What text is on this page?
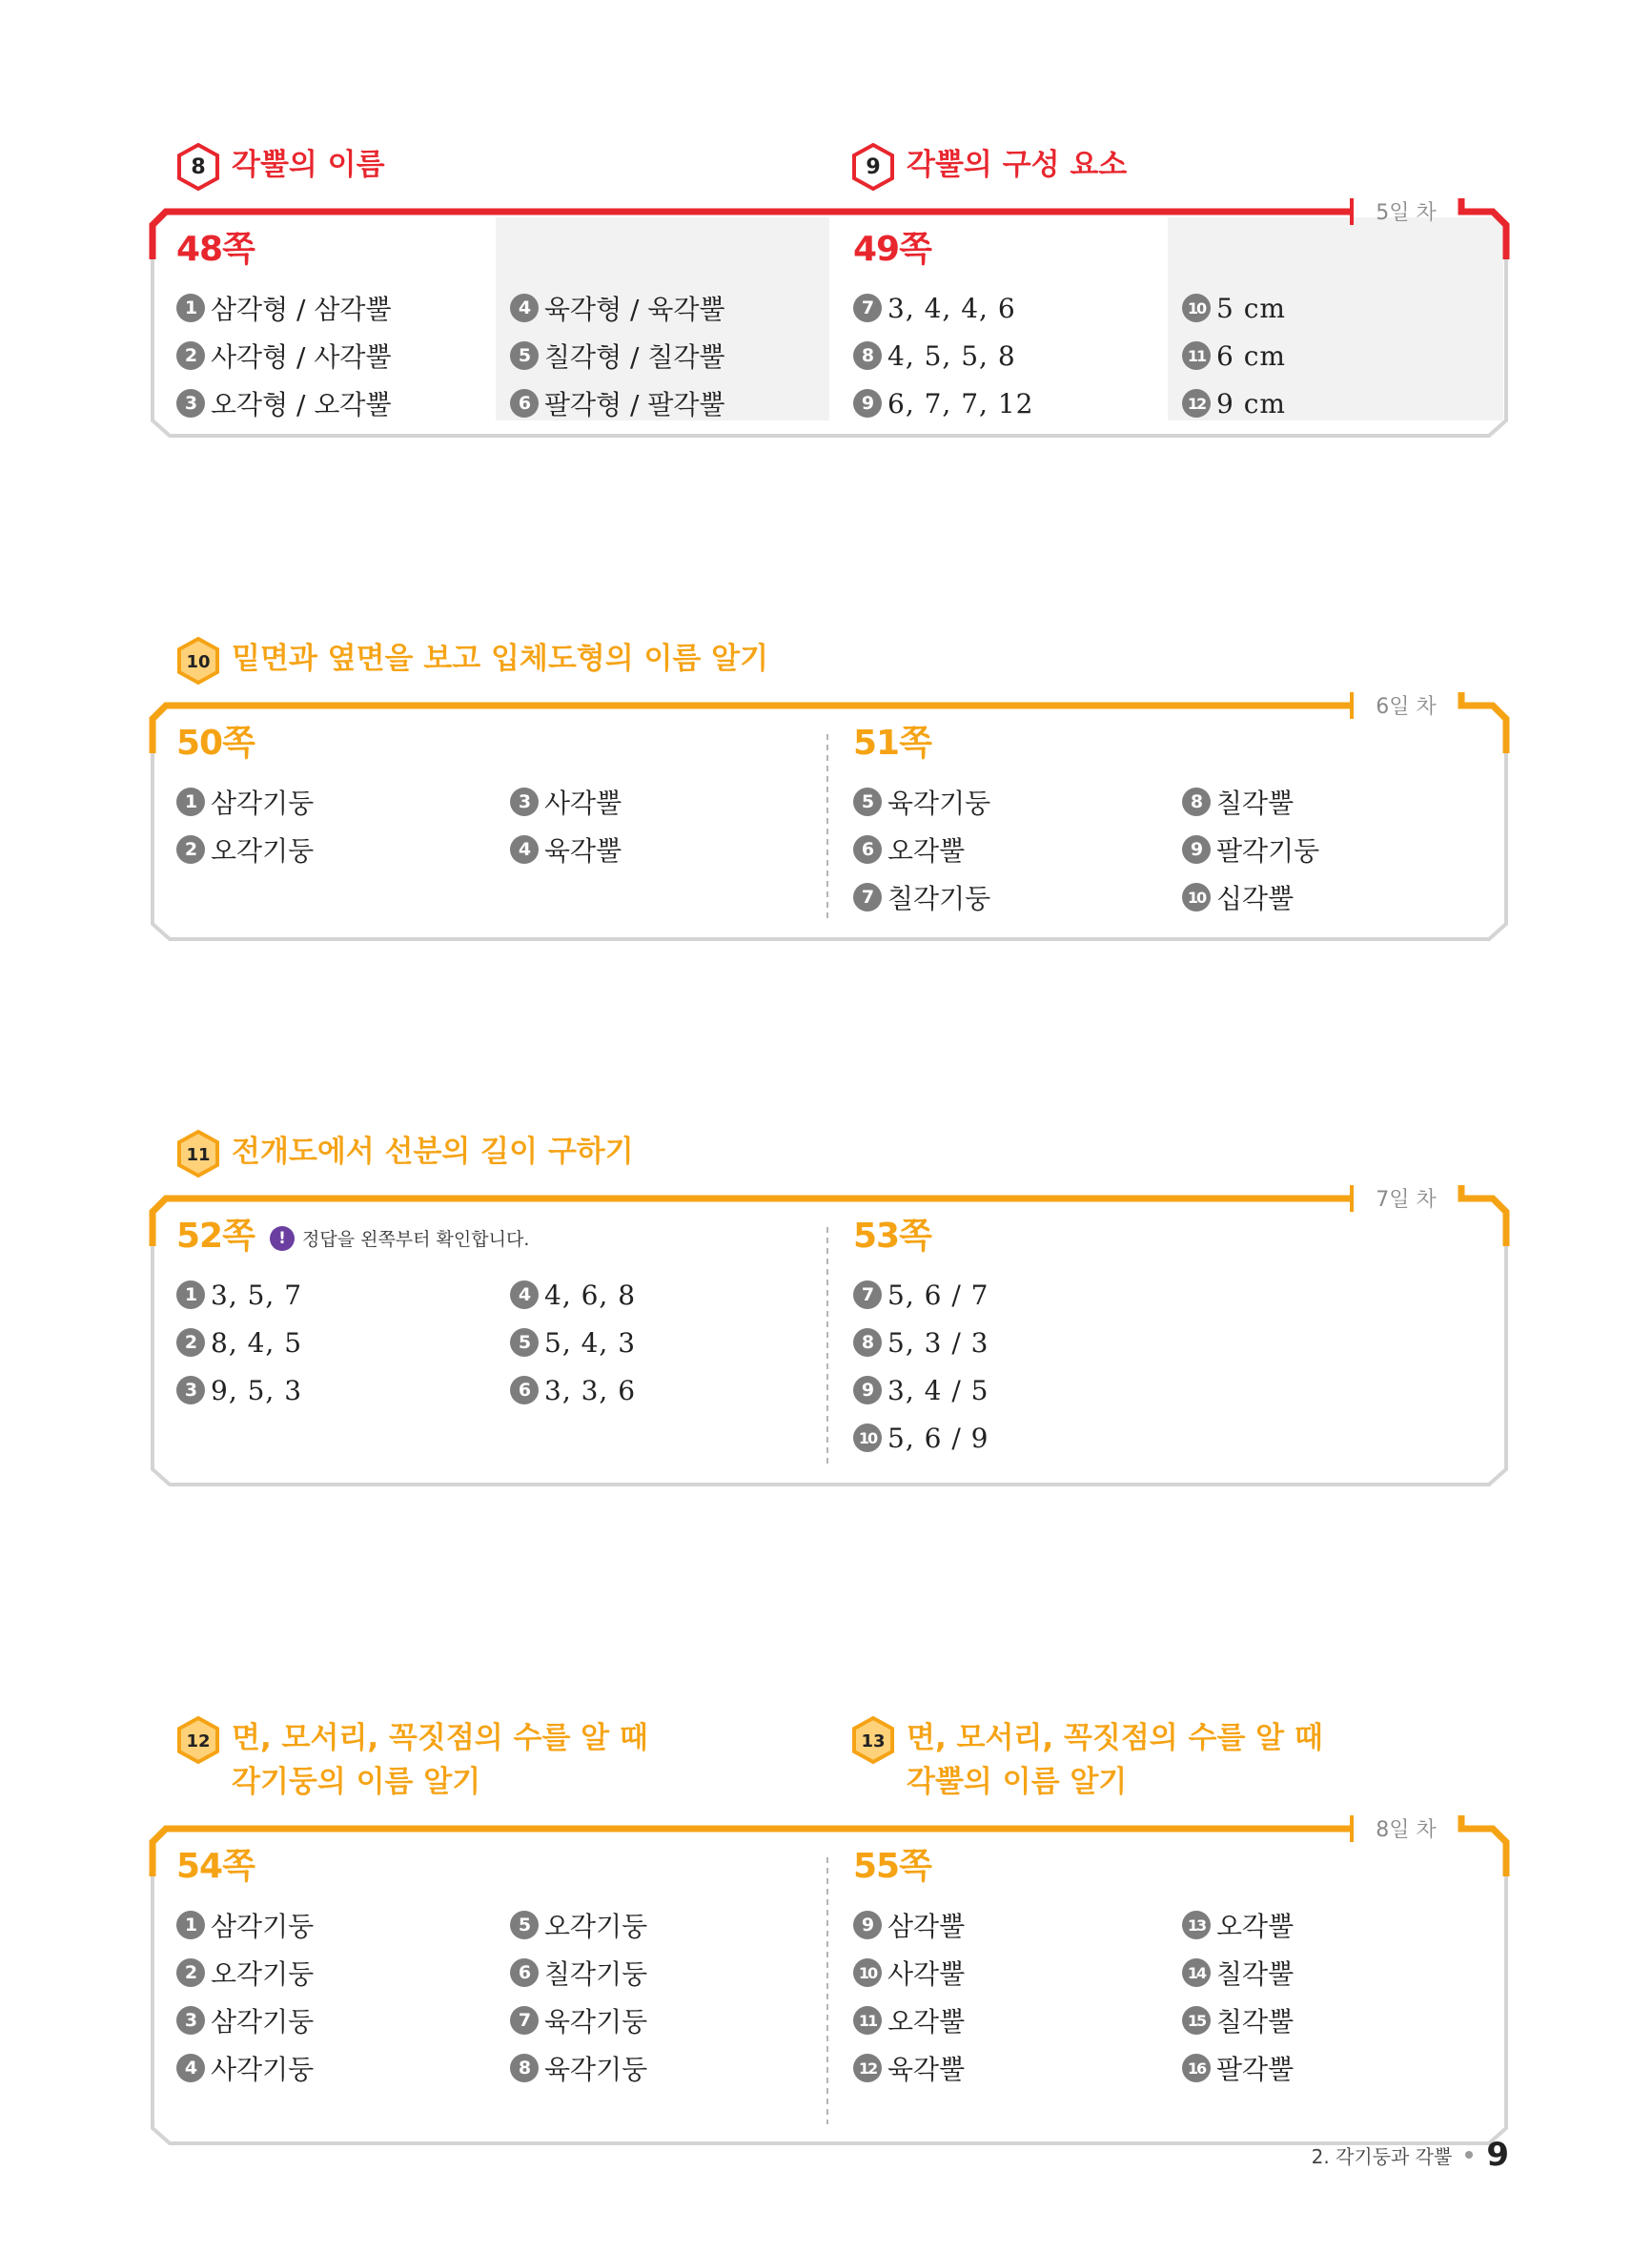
5일 차
8 각뿔의 이름	9 각뿔의 구성 요소
48쪽
1 삼각형 / 삼각뿔
2 사각형 / 사각뿔
3 오각형 / 오각뿔

4 육각형 / 육각뿔
5 칠각형 / 칠각뿔
6 팔각형 / 팔각뿔
49쪽
7 3, 4, 4, 6
8 4, 5, 5, 8
9 6, 7, 7, 12

10 5 cm
11 6 cm
12 9 cm
6일 차
10 밑면과 옆면을 보고 입체도형의 이름 알기
50쪽
1 삼각기둥
2 오각기둥

3 사각뿔
4 육각뿔
51쪽
5 육각기둥
6 오각뿔
7 칠각기둥

8 칠각뿔
9 팔각기둥
10 십각뿔
7일 차
11 전개도에서 선분의 길이 구하기
! 정답을 왼쪽부터 확인합니다.
52쪽
1 3, 5, 7
2 8, 4, 5
3 9, 5, 3

4 4, 6, 8
5 5, 4, 3
6 3, 3, 6
53쪽
7 5, 6 / 7
8 5, 3 / 3
9 3, 4 / 5
10 5, 6 / 9

8일 차
12 면, 모서리, 꼭짓점의 수를 알 때
각기둥의 이름 알기
13 면, 모서리, 꼭짓점의 수를 알 때
각뿔의 이름 알기
54쪽
1 삼각기둥
2 오각기둥
3 삼각기둥
4 사각기둥

5 오각기둥
6 칠각기둥
7 육각기둥
8 육각기둥
55쪽
9 삼각뿔
10 사각뿔
11 오각뿔
12 육각뿔

13 오각뿔
14 칠각뿔
15 칠각뿔
16 팔각뿔
2. 각기둥과 각뿔 9
